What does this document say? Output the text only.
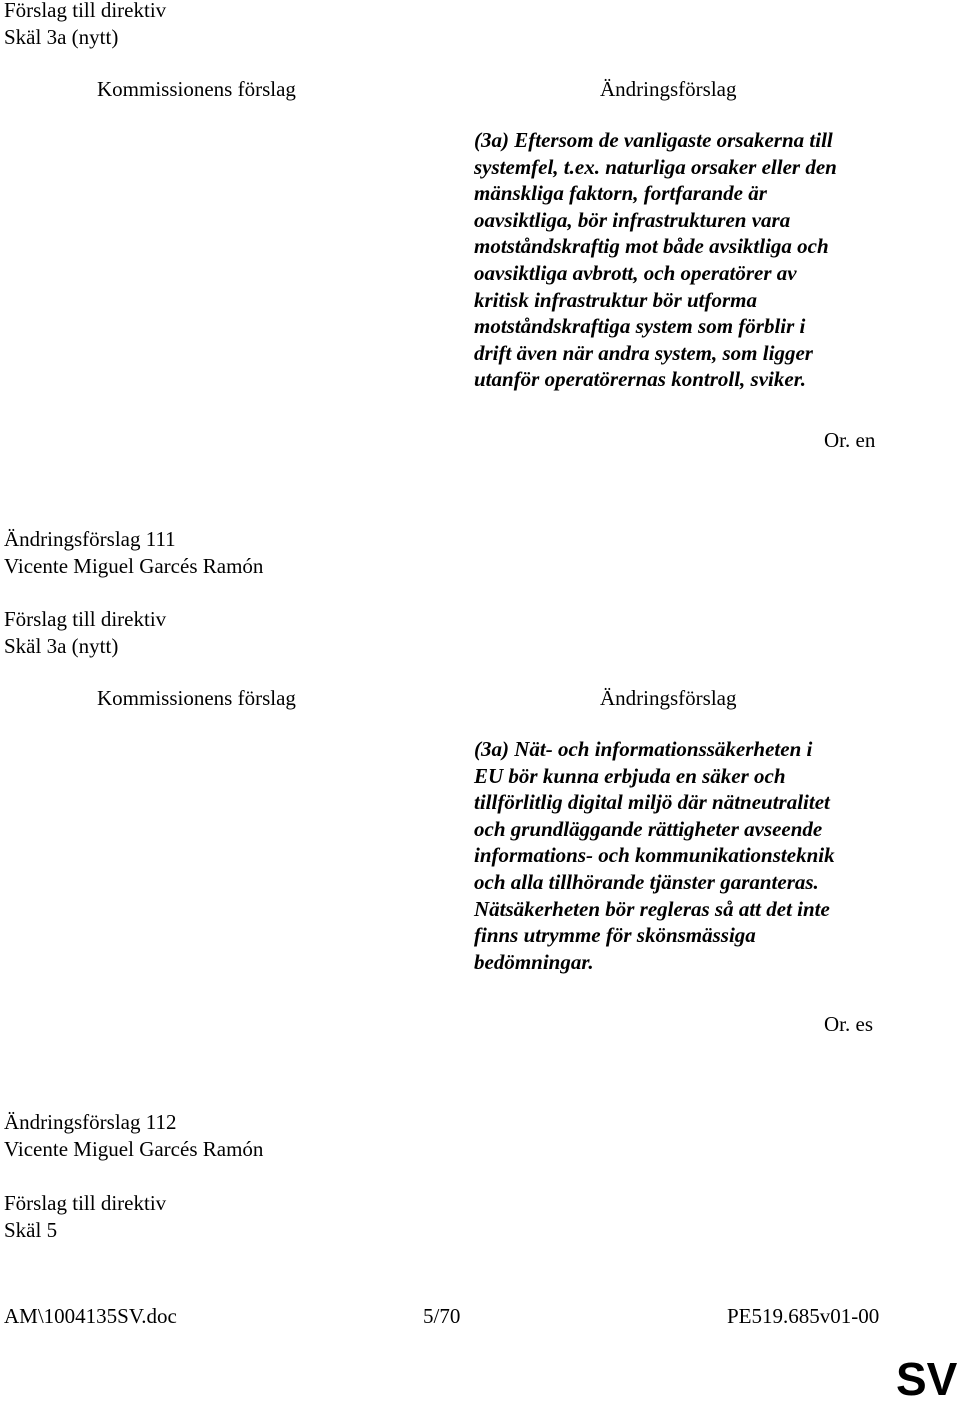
Förslag till direktiv
Skäl 3a (nytt)
Kommissionens förslag	Ändringsförslag
(3a) Eftersom de vanligaste orsakerna till
systemfel, t.ex. naturliga orsaker eller den
mänskliga faktorn, fortfarande är
oavsiktliga, bör infrastrukturen vara
motståndskraftig mot både avsiktliga och
oavsiktliga avbrott, och operatörer av
kritisk infrastruktur bör utforma
motståndskraftiga system som förblir i
drift även när andra system, som ligger
utanför operatörernas kontroll, sviker.
Or. en
Ändringsförslag 111
Vicente Miguel Garcés Ramón
Förslag till direktiv
Skäl 3a (nytt)
Kommissionens förslag	Ändringsförslag
(3a) Nät- och informationssäkerheten i
EU bör kunna erbjuda en säker och
tillförlitlig digital miljö där nätneutralitet
och grundläggande rättigheter avseende
informations- och kommunikationsteknik
och alla tillhörande tjänster garanteras.
Nätsäkerheten bör regleras så att det inte
finns utrymme för skönsmässiga
bedömningar.
Or. es
Ändringsförslag 112
Vicente Miguel Garcés Ramón
Förslag till direktiv
Skäl 5
AM\1004135SV.doc	5/70	PE519.685v01-00
SV
